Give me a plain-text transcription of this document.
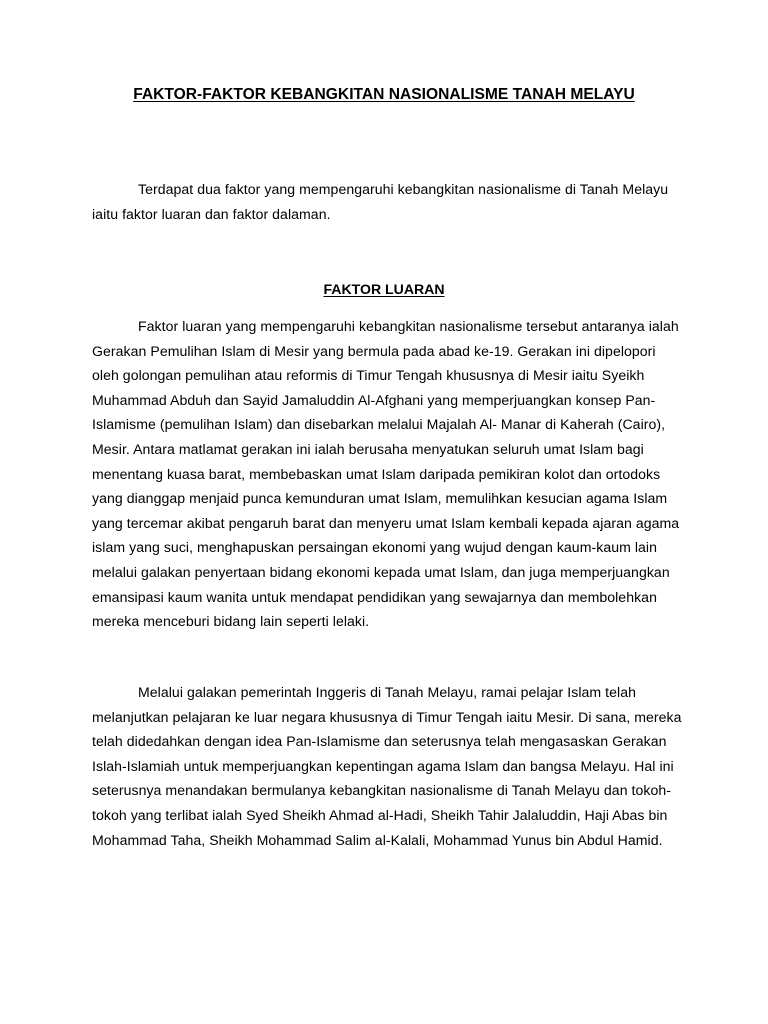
FAKTOR-FAKTOR KEBANGKITAN NASIONALISME TANAH MELAYU

Terdapat dua faktor yang mempengaruhi kebangkitan nasionalisme di Tanah Melayu iaitu faktor luaran dan faktor dalaman.

FAKTOR LUARAN

Faktor luaran yang mempengaruhi kebangkitan nasionalisme tersebut antaranya ialah Gerakan Pemulihan Islam di Mesir yang bermula pada abad ke-19. Gerakan ini dipelopori oleh golongan pemulihan atau reformis di Timur Tengah khususnya di Mesir iaitu Syeikh Muhammad Abduh dan Sayid Jamaluddin Al-Afghani yang memperjuangkan konsep Pan-Islamisme (pemulihan Islam) dan disebarkan melalui Majalah Al- Manar di Kaherah (Cairo), Mesir. Antara matlamat gerakan ini ialah berusaha menyatukan seluruh umat Islam bagi menentang kuasa barat, membebaskan umat Islam daripada pemikiran kolot dan ortodoks yang dianggap menjaid punca kemunduran umat Islam, memulihkan kesucian agama Islam yang tercemar akibat pengaruh barat dan menyeru umat Islam kembali kepada ajaran agama islam yang suci, menghapuskan persaingan ekonomi yang wujud dengan kaum-kaum lain melalui galakan penyertaan bidang ekonomi kepada umat Islam, dan juga memperjuangkan emansipasi kaum wanita untuk mendapat pendidikan yang sewajarnya dan membolehkan mereka menceburi bidang lain seperti lelaki.

Melalui galakan pemerintah Inggeris di Tanah Melayu, ramai pelajar Islam telah melanjutkan pelajaran ke luar negara khususnya di Timur Tengah iaitu Mesir. Di sana, mereka telah didedahkan dengan idea Pan-Islamisme dan seterusnya telah mengasaskan Gerakan Islah-Islamiah untuk memperjuangkan kepentingan agama Islam dan bangsa Melayu. Hal ini seterusnya menandakan bermulanya kebangkitan nasionalisme di Tanah Melayu dan tokoh-tokoh yang terlibat ialah Syed Sheikh Ahmad al-Hadi, Sheikh Tahir Jalaluddin, Haji Abas bin Mohammad Taha, Sheikh Mohammad Salim al-Kalali, Mohammad Yunus bin Abdul Hamid.
